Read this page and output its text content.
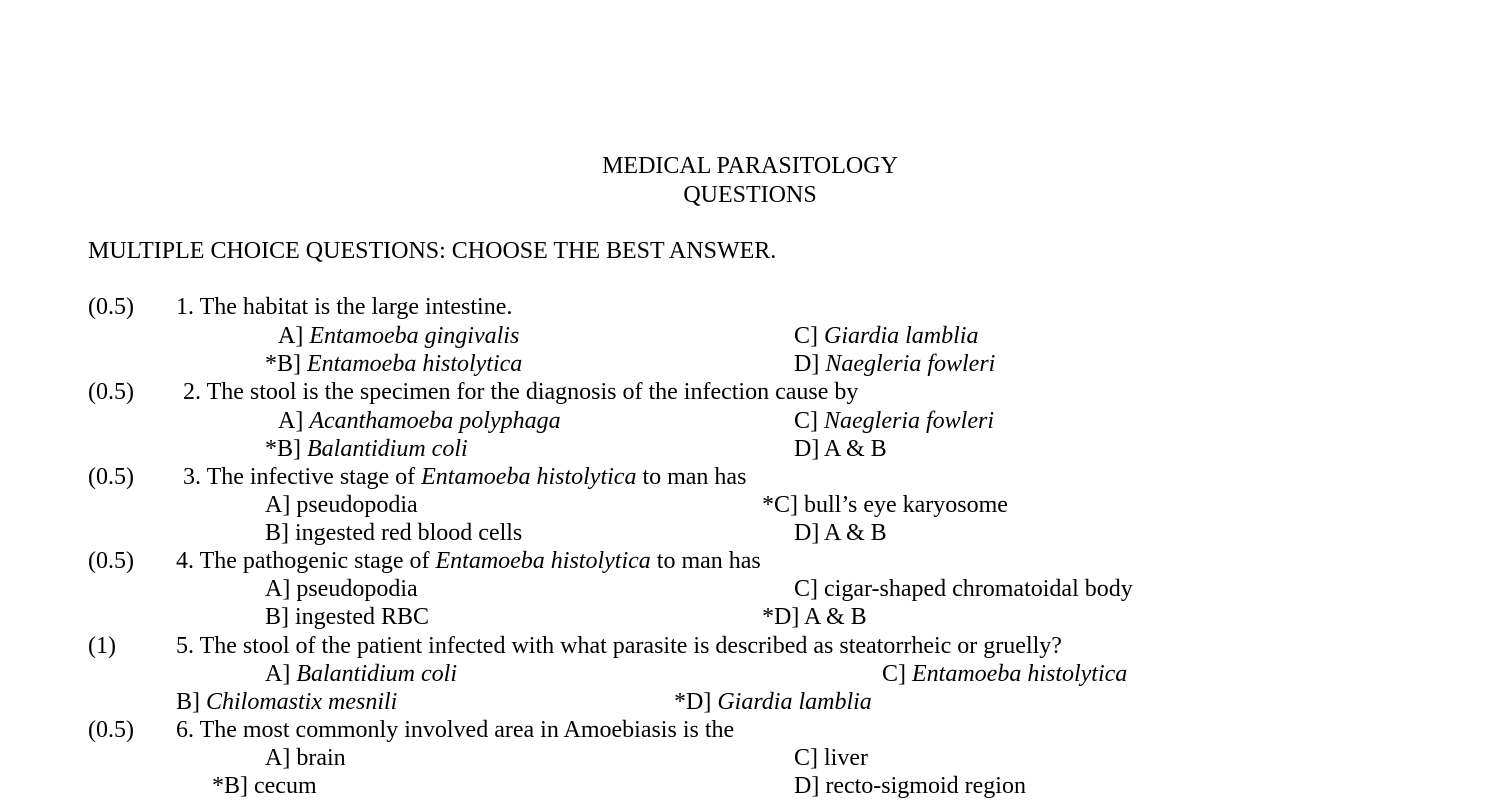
MEDICAL PARASITOLOGY
QUESTIONS
MULTIPLE CHOICE QUESTIONS: CHOOSE THE BEST ANSWER.
(0.5) 1. The habitat is the large intestine.
A] Entamoeba gingivalis	C] Giardia lamblia
*B] Entamoeba histolytica	D] Naegleria fowleri
(0.5) 2. The stool is the specimen for the diagnosis of the infection cause by
A] Acanthamoeba polyphaga	C] Naegleria fowleri
*B] Balantidium coli	D] A & B
(0.5) 3. The infective stage of Entamoeba histolytica to man has
A] pseudopodia	*C] bull’s eye karyosome
B] ingested red blood cells	D] A & B
(0.5) 4. The pathogenic stage of Entamoeba histolytica to man has
A] pseudopodia	C] cigar-shaped chromatoidal body
B] ingested RBC	*D] A & B
(1)	5. The stool of the patient infected with what parasite is described as steatorrheic or gruelly?
A] Balantidium coli	C] Entamoeba histolytica
B] Chilomastix mesnili	*D] Giardia lamblia
(0.5) 6. The most commonly involved area in Amoebiasis is the
A] brain	C] liver
*B] cecum	D] recto-sigmoid region
